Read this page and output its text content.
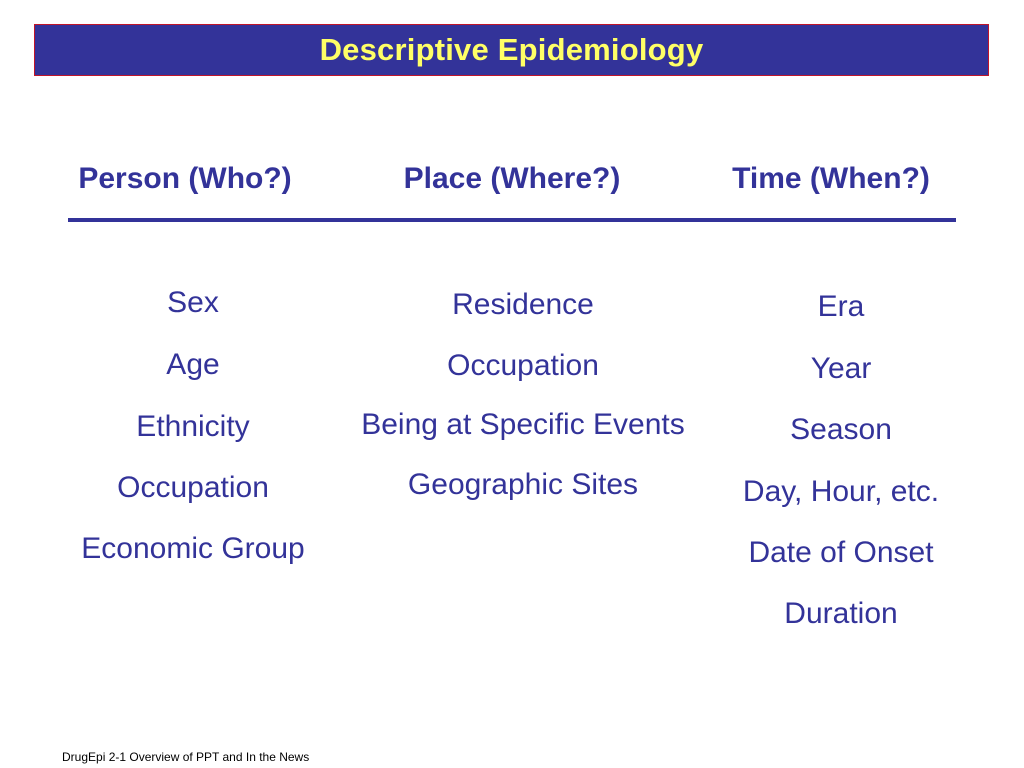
Descriptive Epidemiology
Person (Who?)	Place (Where?)	Time (When?)
Sex
Age
Ethnicity
Occupation
Economic Group
Residence
Occupation
Being at Specific Events
Geographic Sites
Era
Year
Season
Day, Hour, etc.
Date of Onset
Duration
DrugEpi 2-1 Overview of PPT and In the News
